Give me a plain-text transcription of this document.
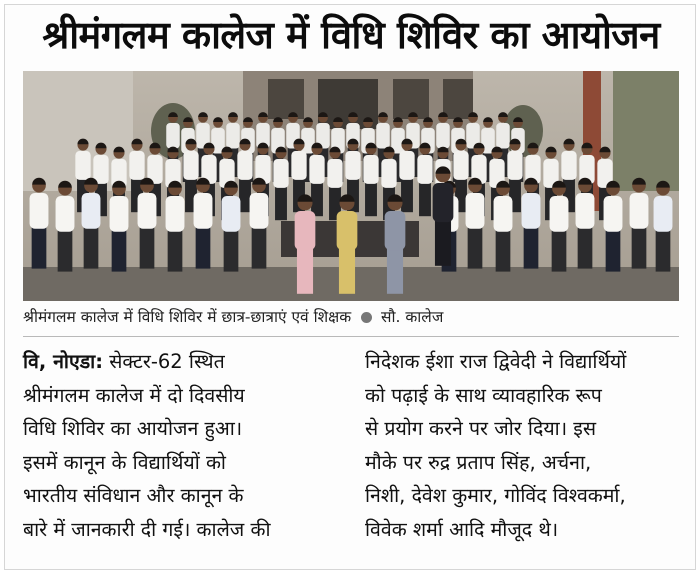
श्रीमंगलम कालेज में विधि शिविर का आयोजन
श्रीमंगलम कालेज में विधि शिविर में छात्र-छात्राएं एवं शिक्षक सौ. कालेज
वि, नोएडा: सेक्टर-62 स्थित
श्रीमंगलम कालेज में दो दिवसीय
विधि शिविर का आयोजन हुआ।
इसमें कानून के विद्यार्थियों को
भारतीय संविधान और कानून के
बारे में जानकारी दी गई। कालेज की
निदेशक ईशा राज द्विवेदी ने विद्यार्थियों
को पढ़ाई के साथ व्यावहारिक रूप
से प्रयोग करने पर जोर दिया। इस
मौके पर रुद्र प्रताप सिंह, अर्चना,
निशी, देवेश कुमार, गोविंद विश्वकर्मा,
विवेक शर्मा आदि मौजूद थे।
